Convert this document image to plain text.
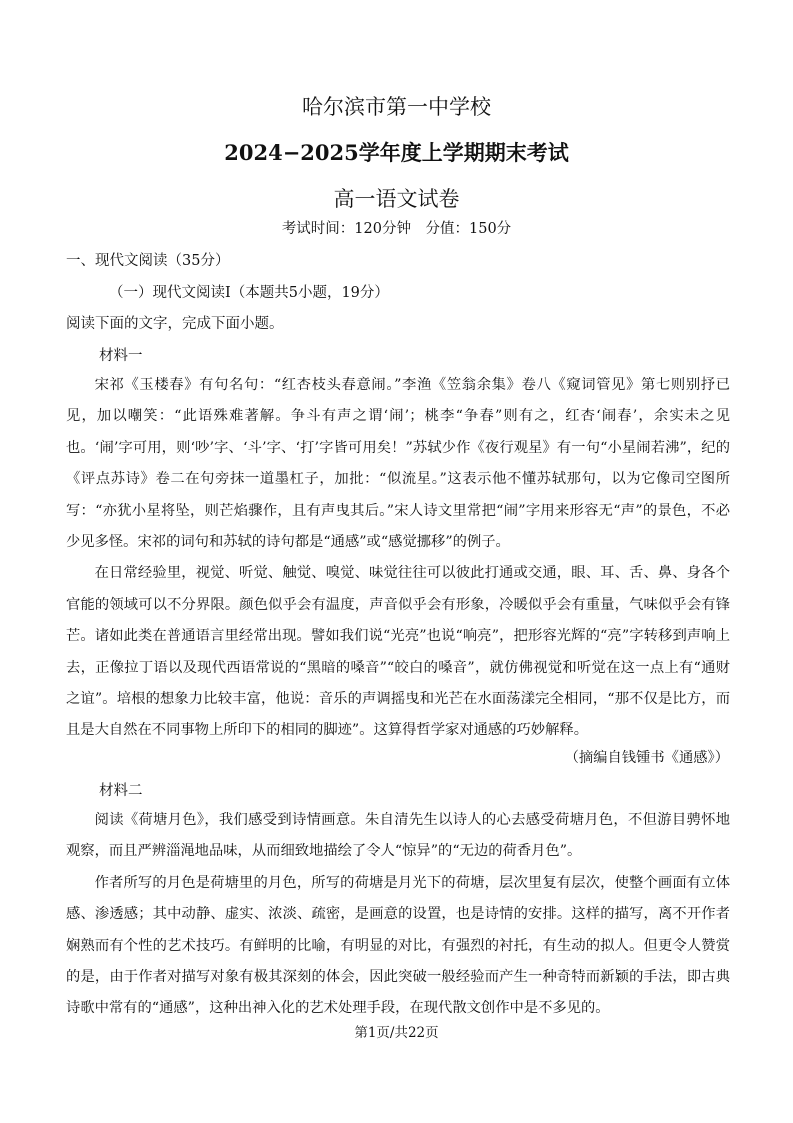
哈尔滨市第一中学校
2024−2025学年度上学期期末考试
高一语文试卷
考试时间：120分钟　分值：150分
一、现代文阅读（35分）
（一）现代文阅读Ⅰ（本题共5小题，19分）
阅读下面的文字，完成下面小题。
材料一

宋祁《玉楼春》有句名句：“红杏枝头春意闹。”李渔《笠翁余集》卷八《窥词管见》第七则别抒已见，加以嘲笑：“此语殊难著解。争斗有声之谓‘闹’；桃李“争春”则有之，红杏‘闹春’，余实未之见也。‘闹’字可用，则‘吵’字、‘斗’字、‘打’字皆可用矣！”苏轼少作《夜行观星》有一句“小星闹若沸”，纪的《评点苏诗》卷二在句旁抹一道墨杠子，加批：“似流星。”这表示他不懂苏轼那句，以为它像司空图所写：“亦犹小星将坠，则芒焰骤作，且有声曳其后。”宋人诗文里常把“闹”字用来形容无“声”的景色，不必少见多怪。宋祁的词句和苏轼的诗句都是“通感”或“感觉挪移”的例子。

在日常经验里，视觉、听觉、触觉、嗅觉、味觉往往可以彼此打通或交通，眼、耳、舌、鼻、身各个官能的领域可以不分界限。颜色似乎会有温度，声音似乎会有形象，冷暖似乎会有重量，气味似乎会有锋芒。诸如此类在普通语言里经常出现。譬如我们说“光亮”也说“响亮”，把形容光辉的“亮”字转移到声响上去，正像拉丁语以及现代西语常说的“黑暗的嗓音”“皎白的嗓音”，就仿佛视觉和听觉在这一点上有“通财之谊”。培根的想象力比较丰富，他说：音乐的声调摇曳和光芒在水面荡漾完全相同，“那不仅是比方，而且是大自然在不同事物上所印下的相同的脚迹”。这算得哲学家对通感的巧妙解释。

（摘编自钱锺书《通感》）
材料二

阅读《荷塘月色》，我们感受到诗情画意。朱自清先生以诗人的心去感受荷塘月色，不但游目骋怀地观察，而且严辨淄渑地品味，从而细致地描绘了令人“惊异”的“无边的荷香月色”。

作者所写的月色是荷塘里的月色，所写的荷塘是月光下的荷塘，层次里复有层次，使整个画面有立体感、渗透感；其中动静、虚实、浓淡、疏密，是画意的设置，也是诗情的安排。这样的描写，离不开作者娴熟而有个性的艺术技巧。有鲜明的比喻，有明显的对比，有强烈的衬托，有生动的拟人。但更令人赞赏的是，由于作者对描写对象有极其深刻的体会，因此突破一般经验而产生一种奇特而新颖的手法，即古典诗歌中常有的“通感”，这种出神入化的艺术处理手段，在现代散文创作中是不多见的。

第1页/共22页
